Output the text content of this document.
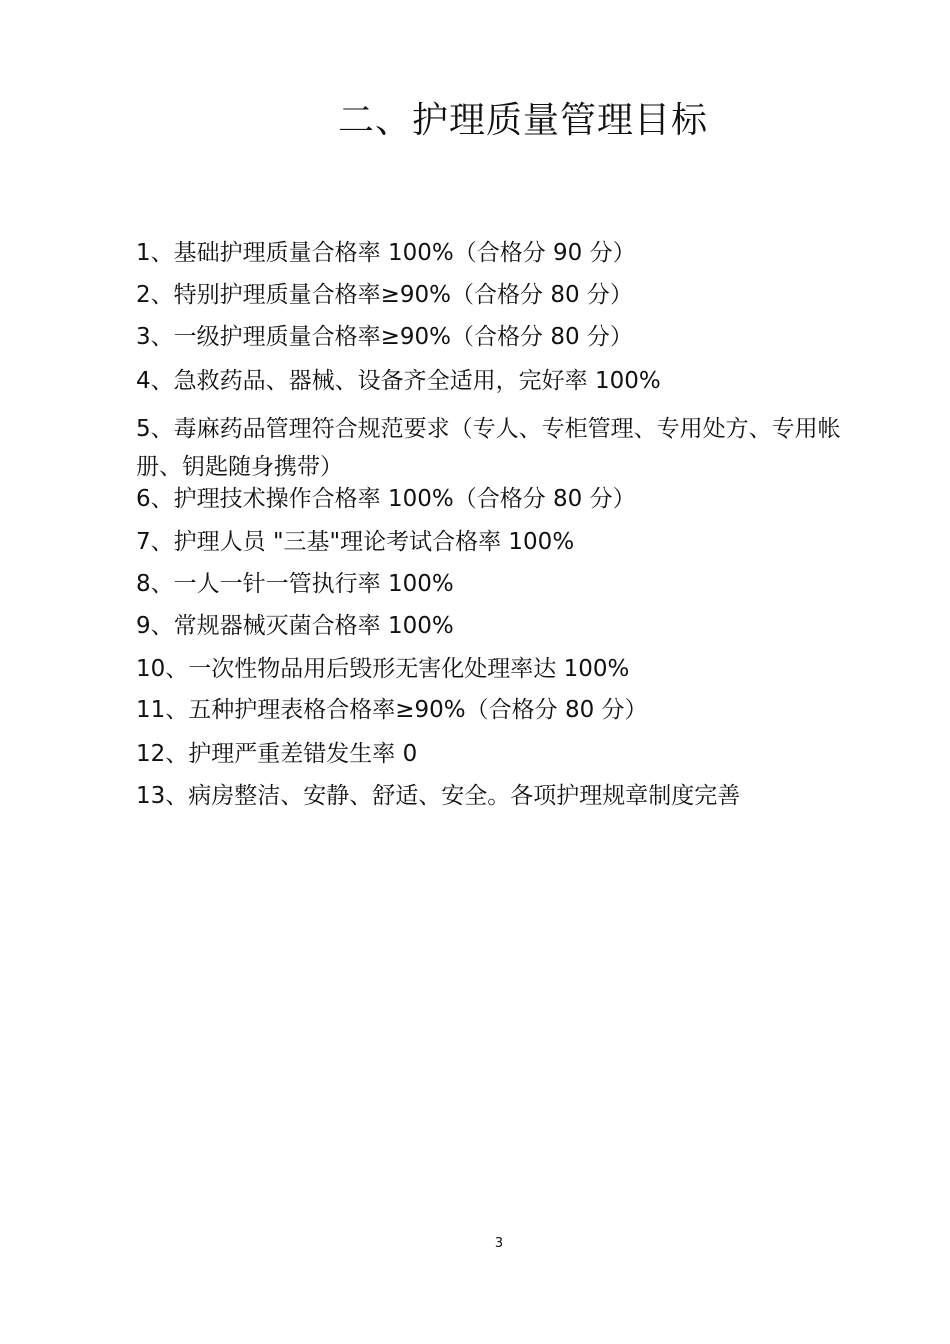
二、护理质量管理目标

1、基础护理质量合格率 100%（合格分 90 分）

2、特别护理质量合格率≥90%（合格分 80 分）

3、一级护理质量合格率≥90%（合格分 80 分）

4、急救药品、器械、设备齐全适用，完好率 100%

5、毒麻药品管理符合规范要求（专人、专柜管理、专用处方、专用帐册、钥匙随身携带）

6、护理技术操作合格率 100%（合格分 80 分）

7、护理人员 "三基"理论考试合格率 100%

8、一人一针一管执行率 100%

9、常规器械灭菌合格率 100%

10、一次性物品用后毁形无害化处理率达 100%

11、五种护理表格合格率≥90%（合格分 80 分）

12、护理严重差错发生率 0

13、病房整洁、安静、舒适、安全。各项护理规章制度完善

3
